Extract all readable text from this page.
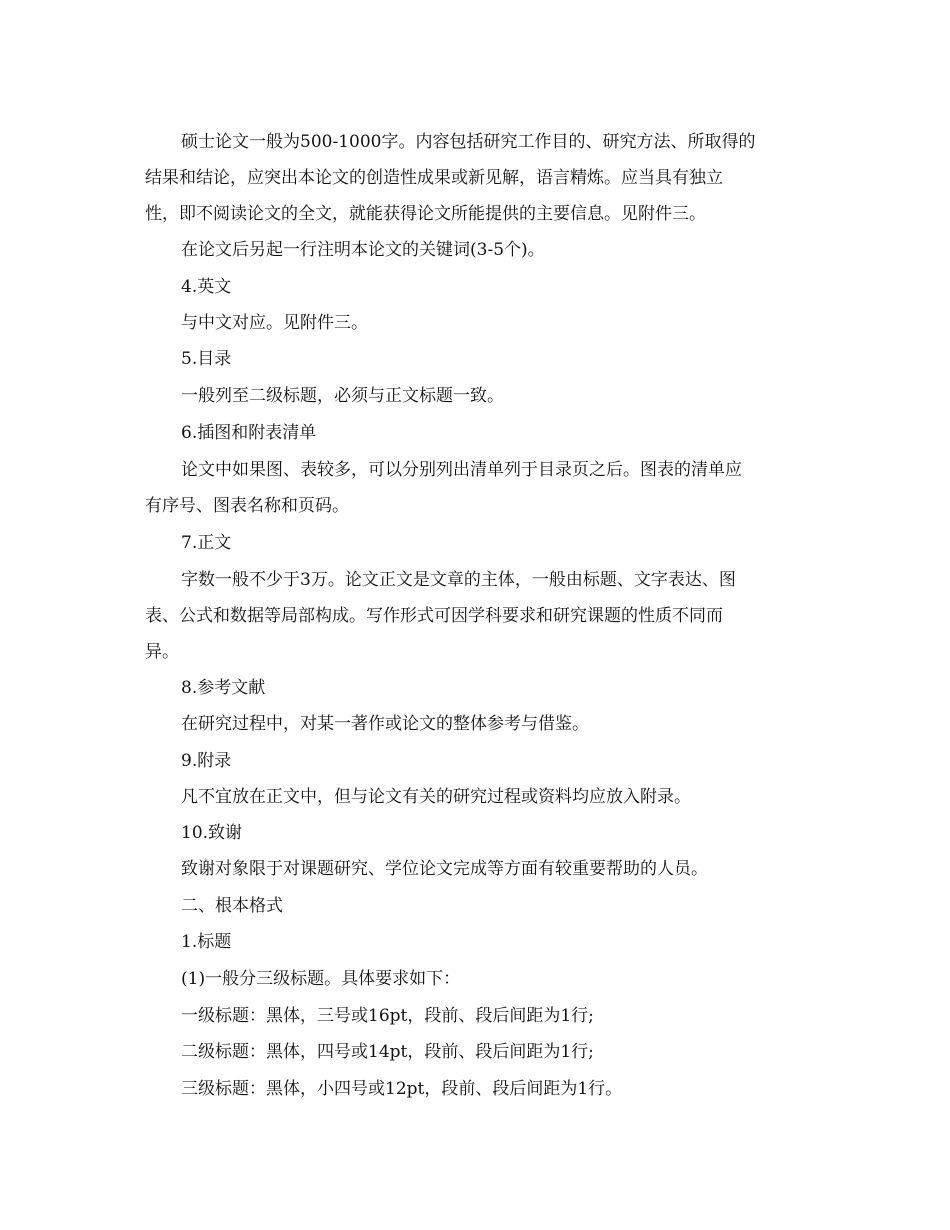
硕士论文一般为500-1000字。内容包括研究工作目的、研究方法、所取得的
结果和结论，应突出本论文的创造性成果或新见解，语言精炼。应当具有独立
性，即不阅读论文的全文，就能获得论文所能提供的主要信息。见附件三。
在论文后另起一行注明本论文的关键词(3-5个)。
4.英文
与中文对应。见附件三。
5.目录
一般列至二级标题，必须与正文标题一致。
6.插图和附表清单
论文中如果图、表较多，可以分别列出清单列于目录页之后。图表的清单应
有序号、图表名称和页码。
7.正文
字数一般不少于3万。论文正文是文章的主体，一般由标题、文字表达、图
表、公式和数据等局部构成。写作形式可因学科要求和研究课题的性质不同而
异。
8.参考文献
在研究过程中，对某一著作或论文的整体参考与借鉴。
9.附录
凡不宜放在正文中，但与论文有关的研究过程或资料均应放入附录。
10.致谢
致谢对象限于对课题研究、学位论文完成等方面有较重要帮助的人员。
二、根本格式
1.标题
(1)一般分三级标题。具体要求如下：
一级标题：黑体，三号或16pt，段前、段后间距为1行;
二级标题：黑体，四号或14pt，段前、段后间距为1行;
三级标题：黑体，小四号或12pt，段前、段后间距为1行。
